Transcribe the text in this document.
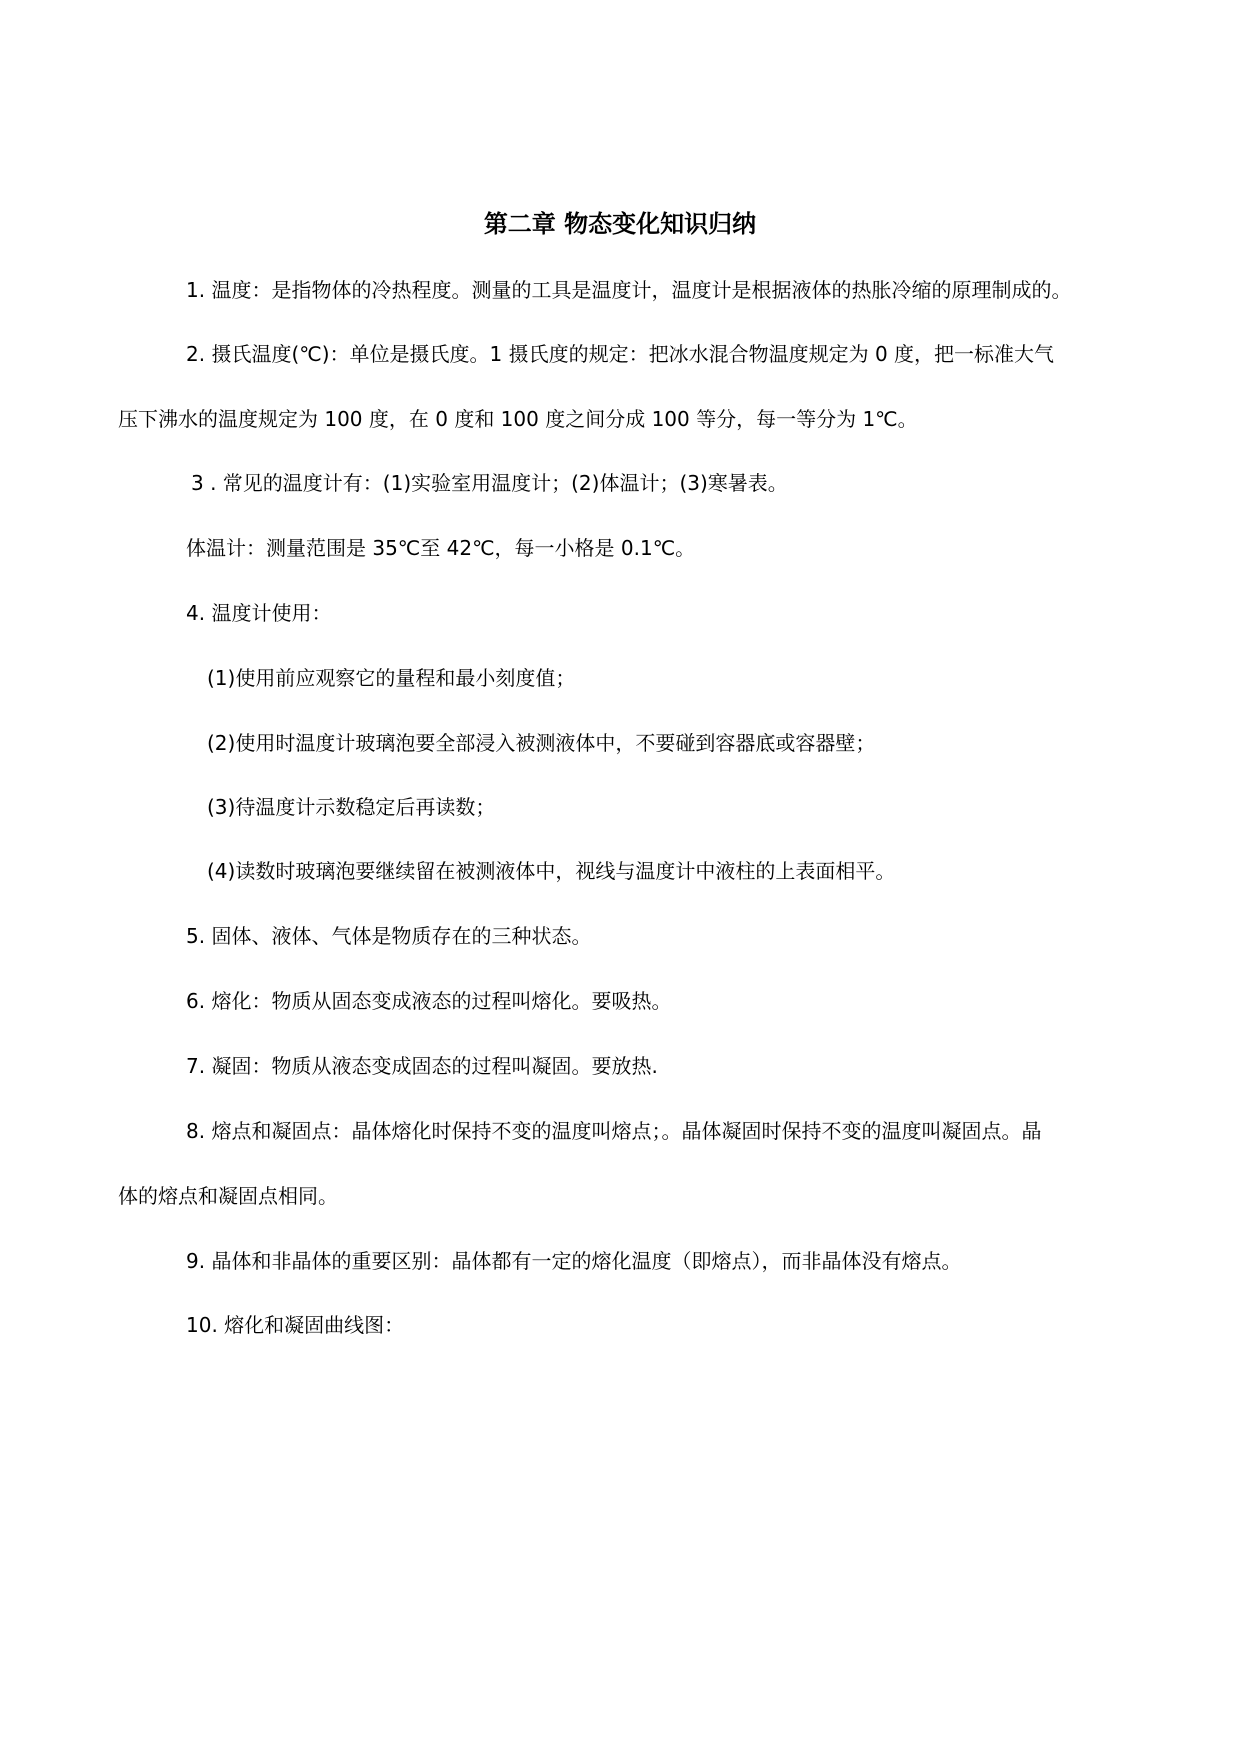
第二章 物态变化知识归纳

1. 温度：是指物体的冷热程度。测量的工具是温度计，温度计是根据液体的热胀冷缩的原理制成的。

2. 摄氏温度(℃)：单位是摄氏度。1 摄氏度的规定：把冰水混合物温度规定为 0 度，把一标准大气

压下沸水的温度规定为 100 度，在 0 度和 100 度之间分成 100 等分，每一等分为 1℃。

3 . 常见的温度计有：(1)实验室用温度计；(2)体温计；(3)寒暑表。

体温计：测量范围是 35℃至 42℃，每一小格是 0.1℃。

4. 温度计使用：

(1)使用前应观察它的量程和最小刻度值；

(2)使用时温度计玻璃泡要全部浸入被测液体中，不要碰到容器底或容器壁；

(3)待温度计示数稳定后再读数；

(4)读数时玻璃泡要继续留在被测液体中，视线与温度计中液柱的上表面相平。

5. 固体、液体、气体是物质存在的三种状态。

6. 熔化：物质从固态变成液态的过程叫熔化。要吸热。

7. 凝固：物质从液态变成固态的过程叫凝固。要放热.

8. 熔点和凝固点：晶体熔化时保持不变的温度叫熔点；。晶体凝固时保持不变的温度叫凝固点。晶

体的熔点和凝固点相同。

9. 晶体和非晶体的重要区别：晶体都有一定的熔化温度（即熔点），而非晶体没有熔点。

10. 熔化和凝固曲线图：
